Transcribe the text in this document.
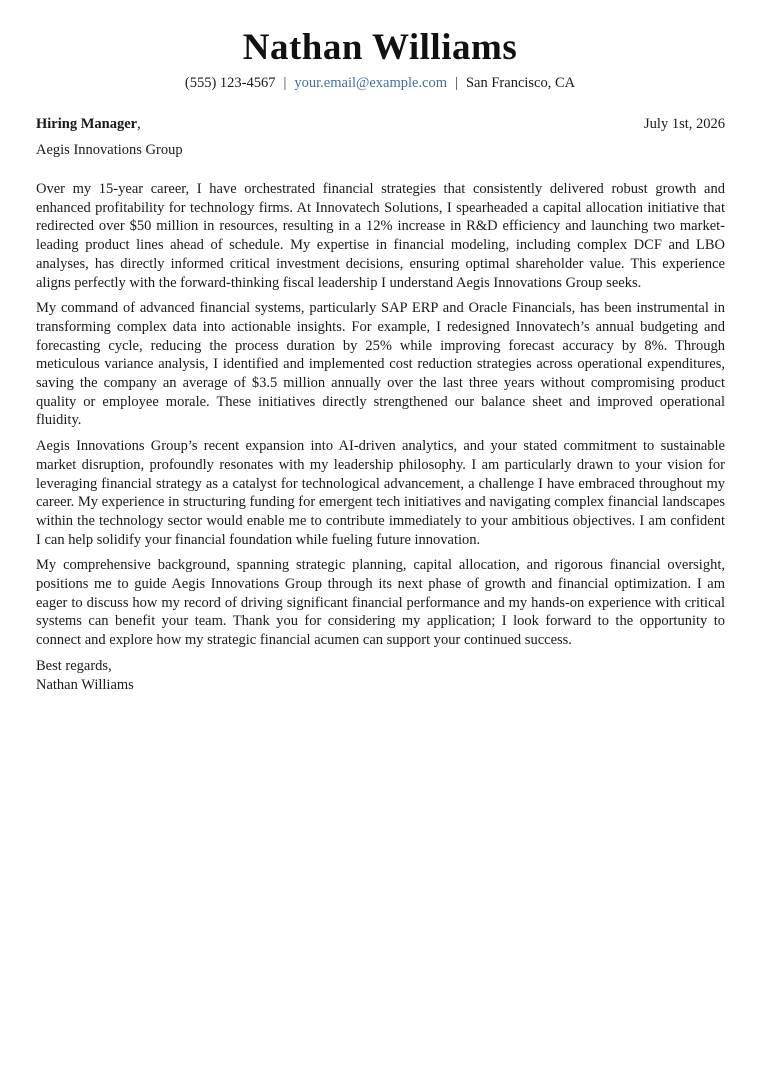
Nathan Williams
(555) 123-4567 | your.email@example.com | San Francisco, CA
Hiring Manager,	July 1st, 2026
Aegis Innovations Group

Over my 15-year career, I have orchestrated financial strategies that consistently delivered robust growth and enhanced profitability for technology firms. At Innovatech Solutions, I spearheaded a capital allocation initiative that redirected over $50 million in resources, resulting in a 12% increase in R&D efficiency and launching two market-leading product lines ahead of schedule. My expertise in financial modeling, including complex DCF and LBO analyses, has directly informed critical investment decisions, ensuring optimal shareholder value. This experience aligns perfectly with the forward-thinking fiscal leadership I understand Aegis Innovations Group seeks.

My command of advanced financial systems, particularly SAP ERP and Oracle Financials, has been instrumental in transforming complex data into actionable insights. For example, I redesigned Innovatech’s annual budgeting and forecasting cycle, reducing the process duration by 25% while improving forecast accuracy by 8%. Through meticulous variance analysis, I identified and implemented cost reduction strategies across operational expenditures, saving the company an average of $3.5 million annually over the last three years without compromising product quality or employee morale. These initiatives directly strengthened our balance sheet and improved operational fluidity.

Aegis Innovations Group’s recent expansion into AI-driven analytics, and your stated commitment to sustainable market disruption, profoundly resonates with my leadership philosophy. I am particularly drawn to your vision for leveraging financial strategy as a catalyst for technological advancement, a challenge I have embraced throughout my career. My experience in structuring funding for emergent tech initiatives and navigating complex financial landscapes within the technology sector would enable me to contribute immediately to your ambitious objectives. I am confident I can help solidify your financial foundation while fueling future innovation.

My comprehensive background, spanning strategic planning, capital allocation, and rigorous financial oversight, positions me to guide Aegis Innovations Group through its next phase of growth and financial optimization. I am eager to discuss how my record of driving significant financial performance and my hands-on experience with critical systems can benefit your team. Thank you for considering my application; I look forward to the opportunity to connect and explore how my strategic financial acumen can support your continued success.

Best regards,
Nathan Williams
